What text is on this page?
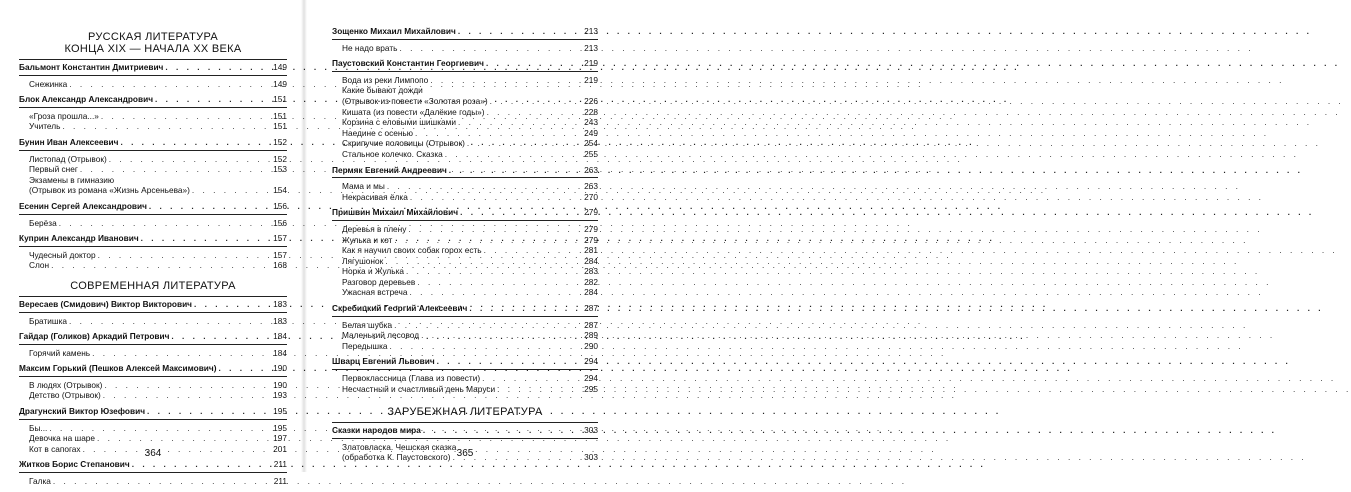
РУССКАЯ ЛИТЕРАТУРА
КОНЦА XIX — НАЧАЛА XX ВЕКА
Бальмонт Константин Дмитриевич . . .	149
Снежинка . . .	149
Блок Александр Александрович . . .	151
«Гроза прошла...» . . .	151
Учитель . . .	151
Бунин Иван Алексеевич . . .	152
Листопад (Отрывок) . . .	152
Первый снег . . .	153
Экзамены в гимназию
(Отрывок из романа «Жизнь Арсеньева») . . .	154
Есенин Сергей Александрович . . .	156
Берёза . . .	156
Куприн Александр Иванович . . .	157
Чудесный доктор . . .	157
Слон . . .	168
СОВРЕМЕННАЯ ЛИТЕРАТУРА
Вересаев (Смидович) Виктор Викторович . . .	183
Братишка . . .	183
Гайдар (Голиков) Аркадий Петрович . . .	184
Горячий камень . . .	184
Максим Горький (Пешков Алексей Максимович) . . .	190
В людях (Отрывок) . . .	190
Детство (Отрывок) . . .	193
Драгунский Виктор Юзефович . . .	195
Бы... . . .	195
Девочка на шаре . . .	197
Кот в сапогах . . .	201
Житков Борис Степанович . . .	211
Галка . . .	211
364
Зощенко Михаил Михайлович . . .	213
Не надо врать . . .	213
Паустовский Константин Георгиевич . . .	219
Вода из реки Лимпопо . . .	219
Какие бывают дожди
(Отрывок из повести «Золотая роза») . . .	226
Кишата (из повести «Далёкие годы») . . .	228
Корзина с еловыми шишками . . .	243
Наедине с осенью . . .	249
Скрипучие половицы (Отрывок) . . .	254
Стальное колечко. Сказка . . .	255
Пермяк Евгений Андреевич . . .	263
Мама и мы . . .	263
Некрасивая ёлка . . .	270
Пришвин Михаил Михайлович . . .	279
Деревья в плену . . .	279
Жулька и кот . . .	279
Как я научил своих собак горох есть . . .	281
Лягушонок . . .	284
Норка и Жулька . . .	283
Разговор деревьев . . .	282
Ужасная встреча . . .	284
Скребицкий Георгий Алексеевич . . .	287
Белая шубка . . .	287
Маленький лесовод . . .	289
Передышка . . .	290
Шварц Евгений Львович . . .	294
Первоклассница (Глава из повести) . . .	294
Несчастный и счастливый день Маруси . . .	295
ЗАРУБЕЖНАЯ ЛИТЕРАТУРА
Сказки народов мира . . .	303
Златовласка. Чешская сказка
(обработка К. Паустовского) . . .	303
365
